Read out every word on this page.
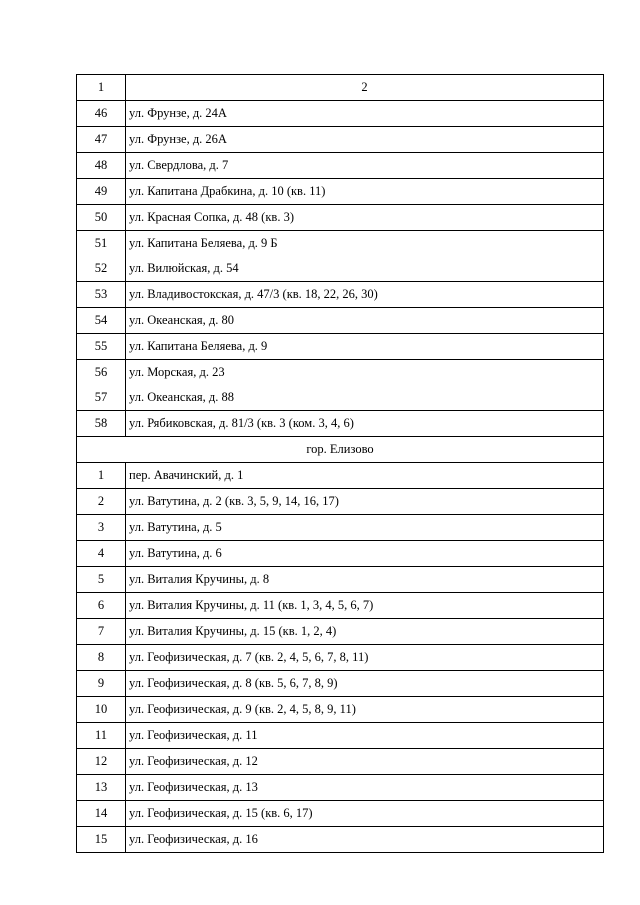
1	2
46	ул. Фрунзе, д. 24А
47	ул. Фрунзе, д. 26А
48	ул. Свердлова, д. 7
49	ул. Капитана Драбкина, д. 10 (кв. 11)
50	ул. Красная Сопка, д. 48 (кв. 3)
51	ул. Капитана Беляева, д. 9 Б
52	ул. Вилюйская, д. 54
53	ул. Владивостокская, д. 47/3 (кв. 18, 22, 26, 30)
54	ул. Океанская, д. 80
55	ул. Капитана Беляева, д. 9
56	ул. Морская, д. 23
57	ул. Океанская, д. 88
58	ул. Рябиковская, д. 81/3 (кв. 3 (ком. 3, 4, 6)
гор. Елизово	
1	пер. Авачинский, д. 1
2	ул. Ватутина, д. 2 (кв. 3, 5, 9, 14, 16, 17)
3	ул. Ватутина, д. 5
4	ул. Ватутина, д. 6
5	ул. Виталия Кручины, д. 8
6	ул. Виталия Кручины, д. 11 (кв. 1, 3, 4, 5, 6, 7)
7	ул. Виталия Кручины, д. 15 (кв. 1, 2, 4)
8	ул. Геофизическая, д. 7 (кв. 2, 4, 5, 6, 7, 8, 11)
9	ул. Геофизическая, д. 8 (кв. 5, 6, 7, 8, 9)
10	ул. Геофизическая, д. 9 (кв. 2, 4, 5, 8, 9, 11)
11	ул. Геофизическая, д. 11
12	ул. Геофизическая, д. 12
13	ул. Геофизическая, д. 13
14	ул. Геофизическая, д. 15 (кв. 6, 17)
15	ул. Геофизическая, д. 16
